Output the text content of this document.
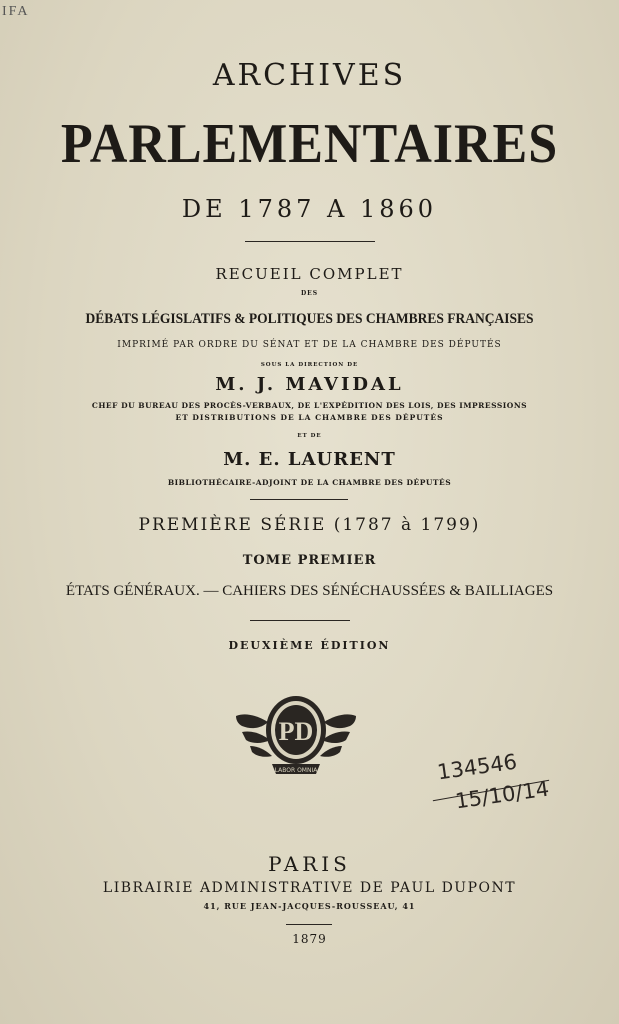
IFA
ARCHIVES
PARLEMENTAIRES
DE 1787 A 1860
RECUEIL COMPLET
DES
DÉBATS LÉGISLATIFS & POLITIQUES DES CHAMBRES FRANÇAISES
IMPRIMÉ PAR ORDRE DU SÉNAT ET DE LA CHAMBRE DES DÉPUTÉS
SOUS LA DIRECTION DE
M. J. MAVIDAL
CHEF DU BUREAU DES PROCÈS-VERBAUX, DE L'EXPÉDITION DES LOIS, DES IMPRESSIONS
ET DISTRIBUTIONS DE LA CHAMBRE DES DÉPUTÉS
ET DE
M. E. LAURENT
BIBLIOTHÉCAIRE-ADJOINT DE LA CHAMBRE DES DÉPUTÉS
PREMIÈRE SÉRIE (1787 à 1799)
TOME PREMIER
ÉTATS GÉNÉRAUX. — CAHIERS DES SÉNÉCHAUSSÉES & BAILLIAGES
DEUXIÈME ÉDITION
PD
LABOR OMNIA	134546
15/10/14
PARIS
LIBRAIRIE ADMINISTRATIVE DE PAUL DUPONT
41, RUE JEAN-JACQUES-ROUSSEAU, 41
1879
